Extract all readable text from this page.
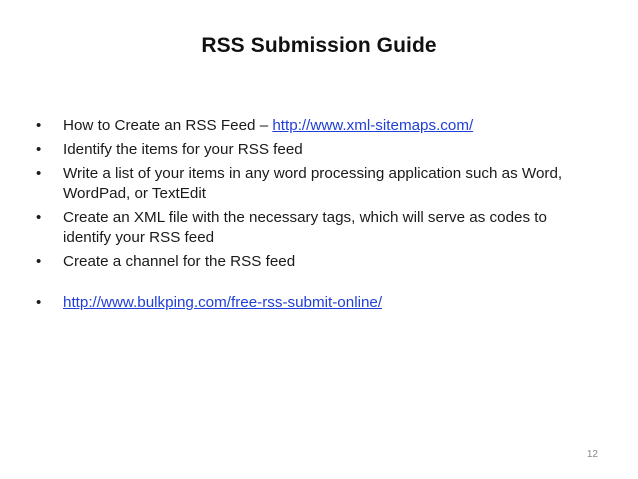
RSS Submission Guide
•	How to Create an RSS Feed – http://www.xml-sitemaps.com/
•	Identify the items for your RSS feed
•	Write a list of your items in any word processing application such as Word, WordPad, or TextEdit
•	Create an XML file with the necessary tags, which will serve as codes to identify your RSS feed
•	Create a channel for the RSS feed
•	http://www.bulkping.com/free-rss-submit-online/
12
